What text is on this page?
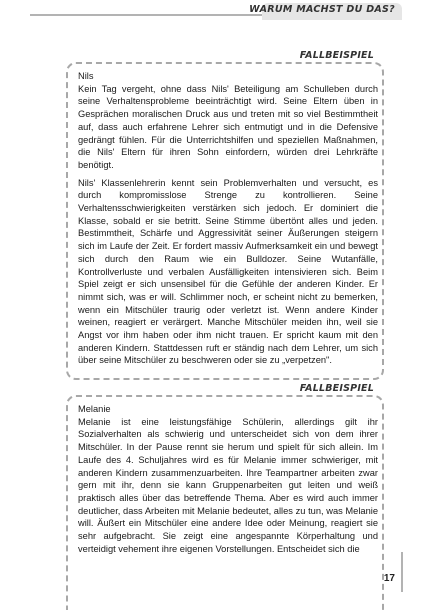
WARUM MACHST DU DAS?
FALLBEISPIEL

Nils

Kein Tag vergeht, ohne dass Nils' Beteiligung am Schulleben durch seine Verhaltensprobleme beeinträchtigt wird. Seine Eltern üben in Gesprächen moralischen Druck aus und treten mit so viel Bestimmtheit auf, dass auch erfahrene Lehrer sich entmutigt und in die Defensive gedrängt fühlen. Für die Unterrichtshilfen und speziellen Maßnahmen, die Nils' Eltern für ihren Sohn einfordern, würden drei Lehrkräfte benötigt.

Nils' Klassenlehrerin kennt sein Problemverhalten und versucht, es durch kompromisslose Strenge zu kontrollieren. Seine Verhaltensschwierigkeiten verstärken sich jedoch. Er dominiert die Klasse, sobald er sie betritt. Seine Stimme übertönt alles und jeden. Bestimmtheit, Schärfe und Aggressivität seiner Äußerungen steigern sich im Laufe der Zeit. Er fordert massiv Aufmerksamkeit ein und bewegt sich durch den Raum wie ein Bulldozer. Seine Wutanfälle, Kontrollverluste und verbalen Ausfälligkeiten intensivieren sich. Beim Spiel zeigt er sich unsensibel für die Gefühle der anderen Kinder. Er nimmt sich, was er will. Schlimmer noch, er scheint nicht zu bemerken, wenn ein Mitschüler traurig oder verletzt ist. Wenn andere Kinder weinen, reagiert er verärgert. Manche Mitschüler meiden ihn, weil sie Angst vor ihm haben oder ihm nicht trauen. Er spricht kaum mit den anderen Kindern. Stattdessen ruft er ständig nach dem Lehrer, um sich über seine Mitschüler zu beschweren oder sie zu „verpetzen".

FALLBEISPIEL

Melanie

Melanie ist eine leistungsfähige Schülerin, allerdings gilt ihr Sozialverhalten als schwierig und unterscheidet sich von dem ihrer Mitschüler. In der Pause rennt sie herum und spielt für sich allein. Im Laufe des 4. Schuljahres wird es für Melanie immer schwieriger, mit anderen Kindern zusammenzuarbeiten. Ihre Teampartner arbeiten zwar gern mit ihr, denn sie kann Gruppenarbeiten gut leiten und weiß praktisch alles über das betreffende Thema. Aber es wird auch immer deutlicher, dass Arbeiten mit Melanie bedeutet, alles zu tun, was Melanie will. Äußert ein Mitschüler eine andere Idee oder Meinung, reagiert sie sehr aufgebracht. Sie zeigt eine angespannte Körperhaltung und verteidigt vehement ihre eigenen Vorstellungen. Entscheidet sich die

17
